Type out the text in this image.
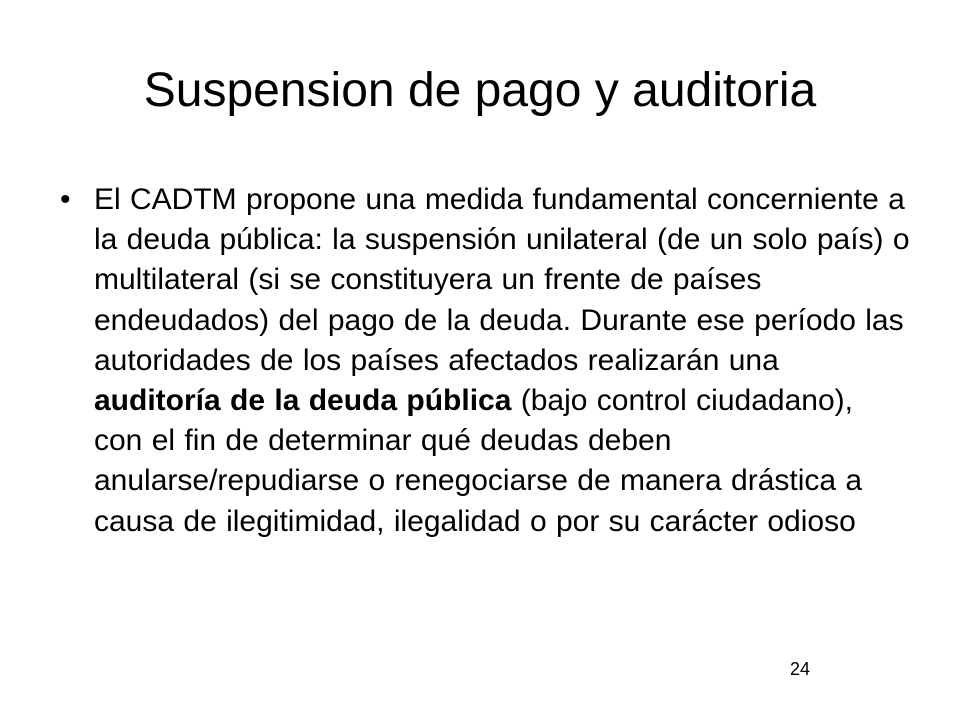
Suspension de pago y auditoria
• El CADTM propone una medida fundamental concerniente a la deuda pública: la suspensión unilateral (de un solo país) o multilateral (si se constituyera un frente de países endeudados) del pago de la deuda. Durante ese período las autoridades de los países afectados realizarán una auditoría de la deuda pública (bajo control ciudadano), con el fin de determinar qué deudas deben anularse/repudiarse o renegociarse de manera drástica a causa de ilegitimidad, ilegalidad o por su carácter odioso
24
